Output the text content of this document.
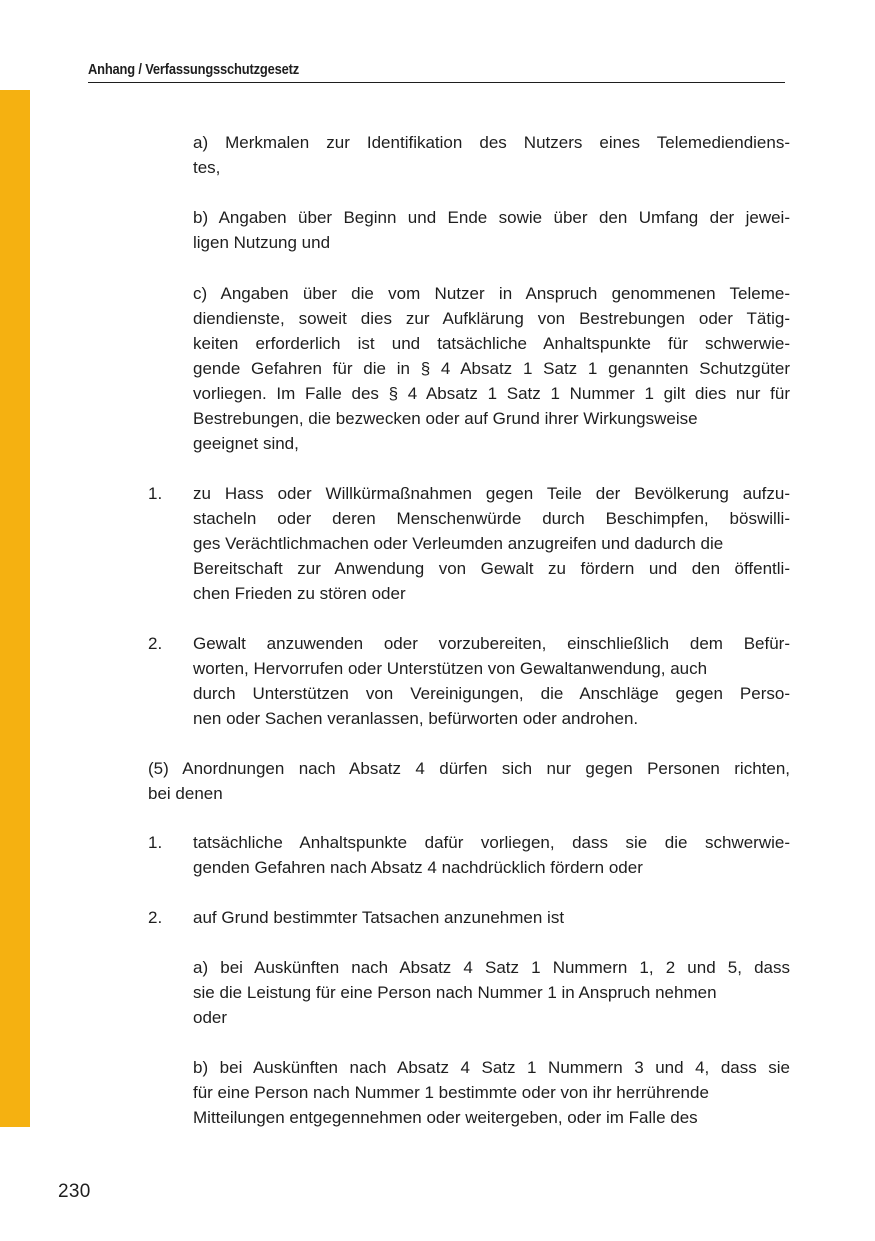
Anhang / Verfassungsschutzgesetz
a) Merkmalen zur Identifikation des Nutzers eines Telemediendiens-
tes,
b) Angaben über Beginn und Ende sowie über den Umfang der jewei-
ligen Nutzung und
c) Angaben über die vom Nutzer in Anspruch genommenen Teleme-
diendienste, soweit dies zur Aufklärung von Bestrebungen oder Tätig-
keiten erforderlich ist und tatsächliche Anhaltspunkte für schwerwie-
gende Gefahren für die in § 4 Absatz 1 Satz 1 genannten Schutzgüter
vorliegen. Im Falle des § 4 Absatz 1 Satz 1 Nummer 1 gilt dies nur für
Bestrebungen, die bezwecken oder auf Grund ihrer Wirkungsweise
geeignet sind,
1. zu Hass oder Willkürmaßnahmen gegen Teile der Bevölkerung aufzu-
stacheln oder deren Menschenwürde durch Beschimpfen, böswilli-
ges Verächtlichmachen oder Verleumden anzugreifen und dadurch die
Bereitschaft zur Anwendung von Gewalt zu fördern und den öffentli-
chen Frieden zu stören oder
2. Gewalt anzuwenden oder vorzubereiten, einschließlich dem Befür-
worten, Hervorrufen oder Unterstützen von Gewaltanwendung, auch
durch Unterstützen von Vereinigungen, die Anschläge gegen Perso-
nen oder Sachen veranlassen, befürworten oder androhen.
(5) Anordnungen nach Absatz 4 dürfen sich nur gegen Personen richten,
bei denen
1. tatsächliche Anhaltspunkte dafür vorliegen, dass sie die schwerwie-
genden Gefahren nach Absatz 4 nachdrücklich fördern oder
2. auf Grund bestimmter Tatsachen anzunehmen ist
a) bei Auskünften nach Absatz 4 Satz 1 Nummern 1, 2 und 5, dass
sie die Leistung für eine Person nach Nummer 1 in Anspruch nehmen
oder
b) bei Auskünften nach Absatz 4 Satz 1 Nummern 3 und 4, dass sie
für eine Person nach Nummer 1 bestimmte oder von ihr herrührende
Mitteilungen entgegennehmen oder weitergeben, oder im Falle des
230
